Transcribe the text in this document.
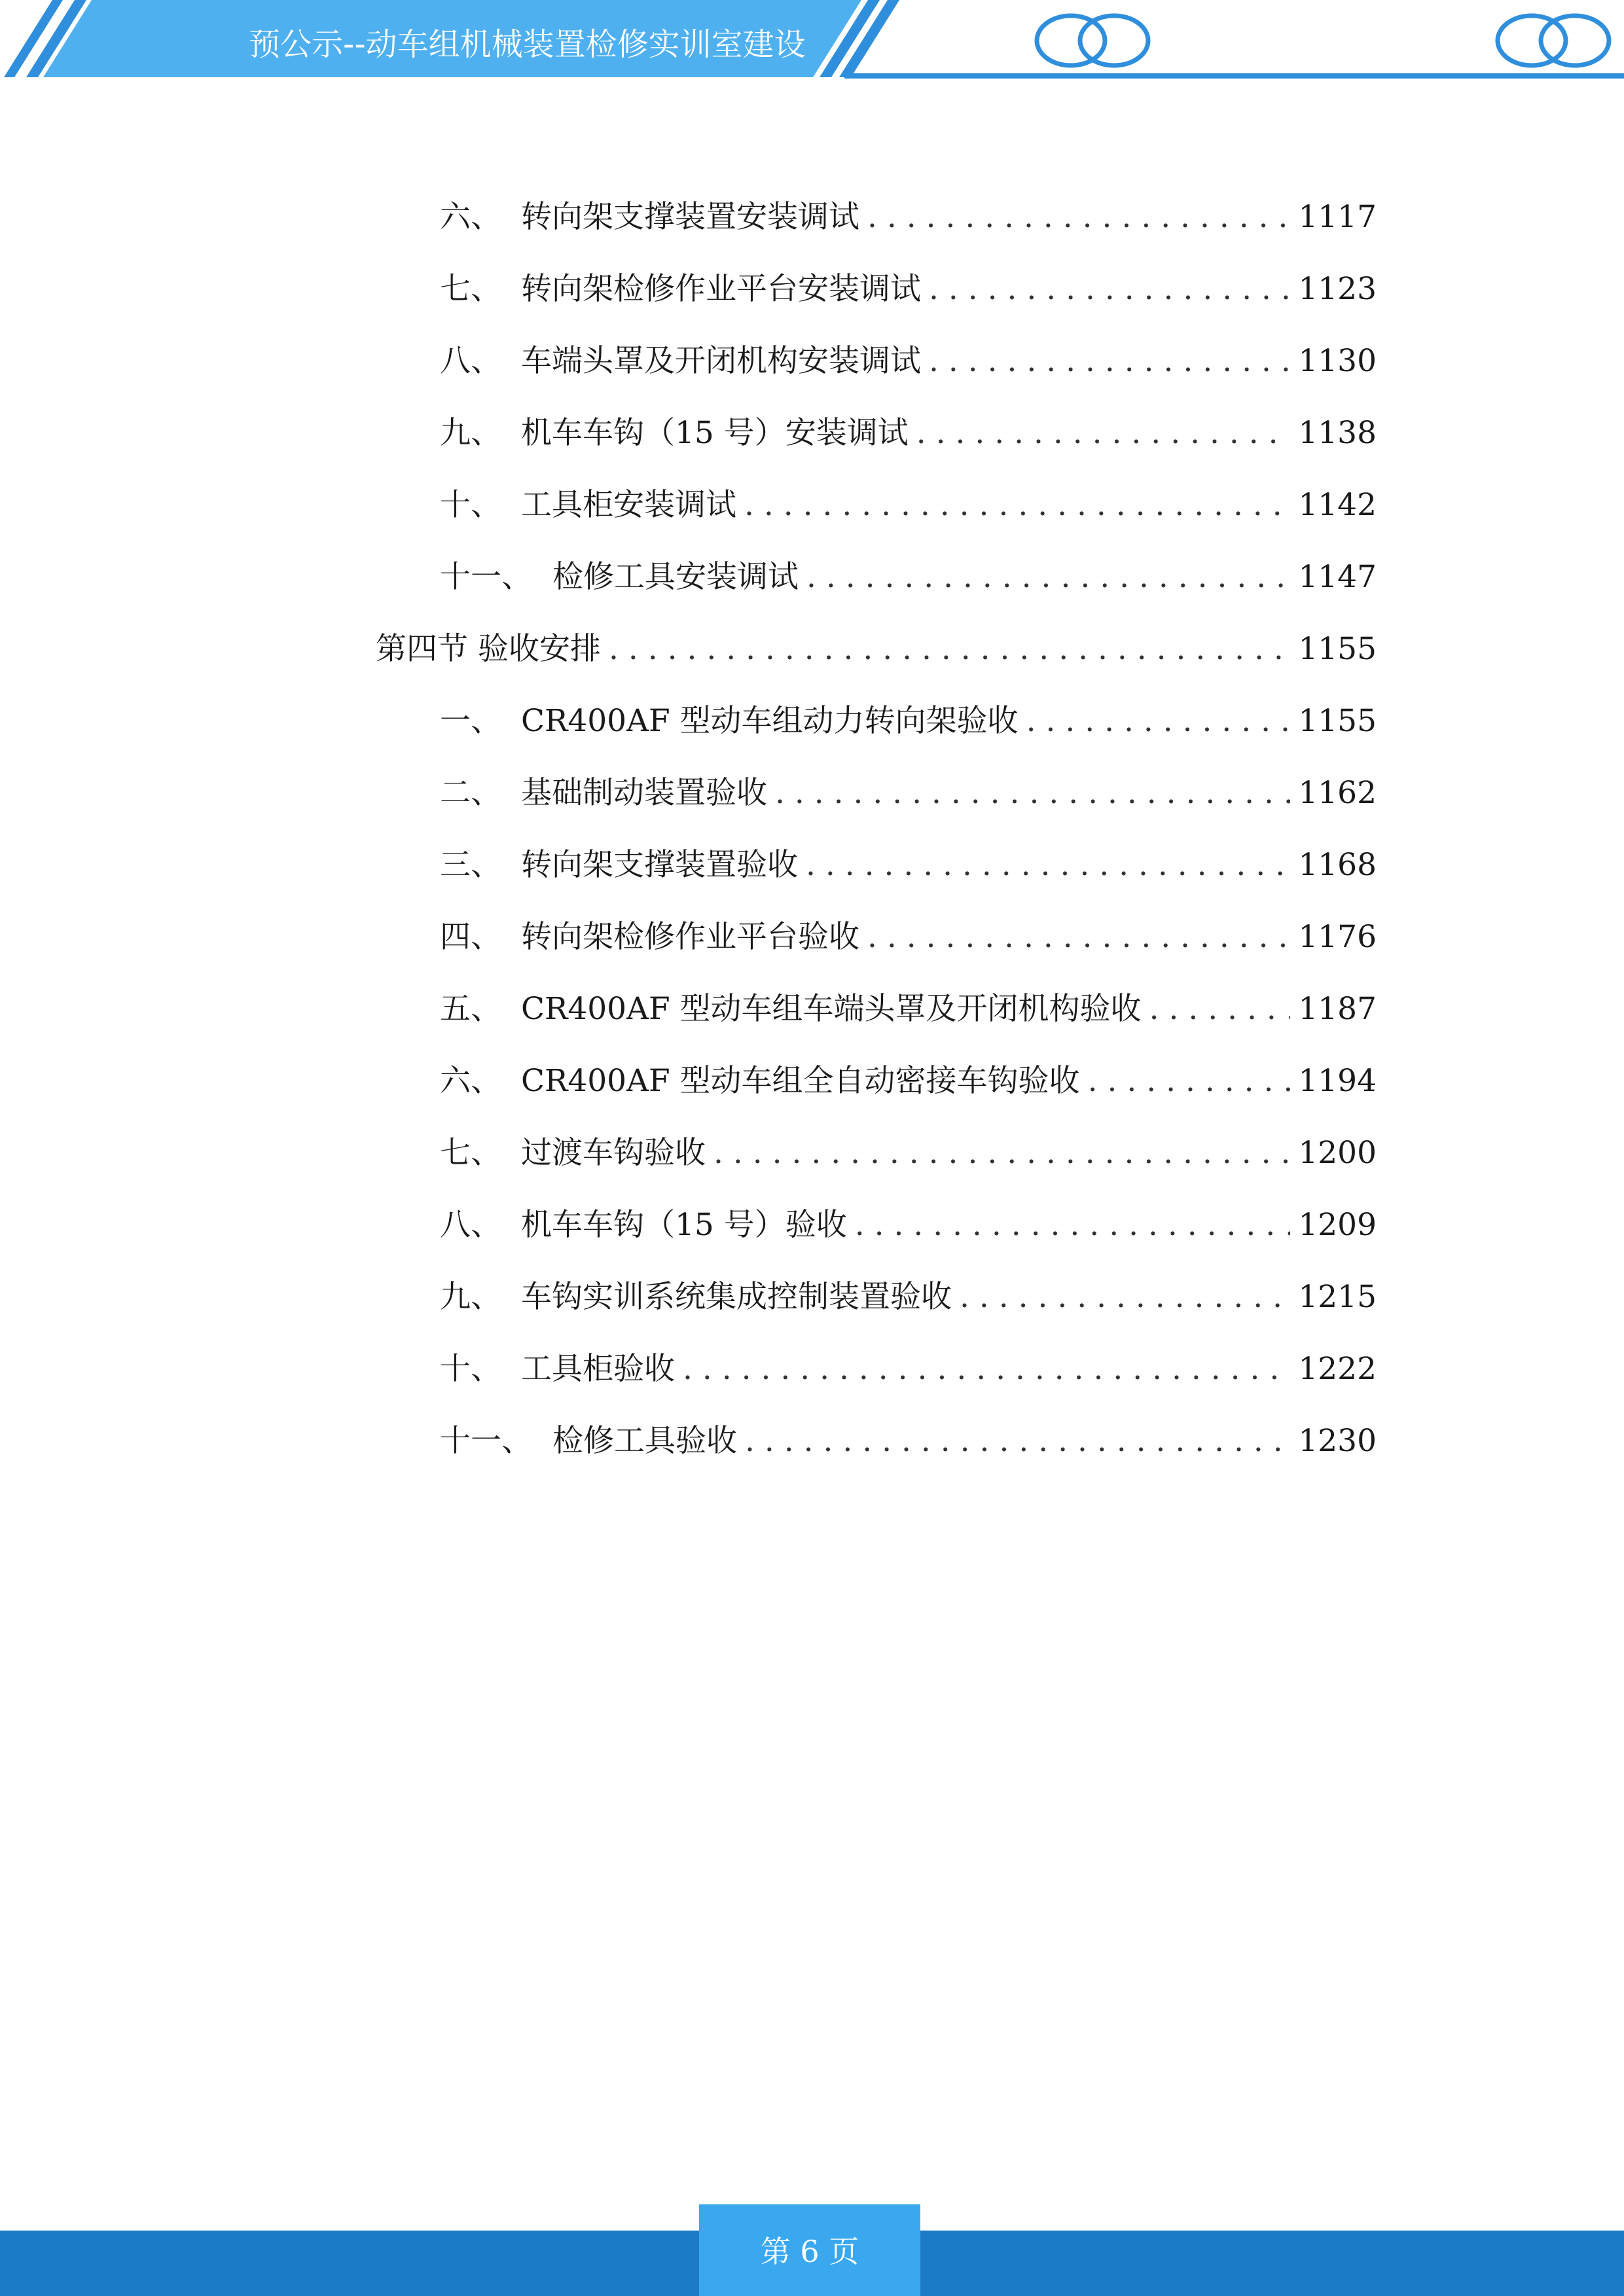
预公示--动车组机械装置检修实训室建设
六、 转向架支撑装置安装调试 . . .	1117
七、 转向架检修作业平台安装调试 . . .	1123
八、 车端头罩及开闭机构安装调试 . . .	1130
九、 机车车钩（15 号）安装调试 . . .	1138
十、 工具柜安装调试 . . .	1142
十一、 检修工具安装调试 . . .	1147
第四节 验收安排 . . .	1155
一、 CR400AF 型动车组动力转向架验收 . . .	1155
二、 基础制动装置验收 . . .	1162
三、 转向架支撑装置验收 . . .	1168
四、 转向架检修作业平台验收 . . .	1176
五、 CR400AF 型动车组车端头罩及开闭机构验收 . . .	1187
六、 CR400AF 型动车组全自动密接车钩验收 . . .	1194
七、 过渡车钩验收 . . .	1200
八、 机车车钩（15 号）验收 . . .	1209
九、 车钩实训系统集成控制装置验收 . . .	1215
十、 工具柜验收 . . .	1222
十一、 检修工具验收 . . .	1230
第 6 页
